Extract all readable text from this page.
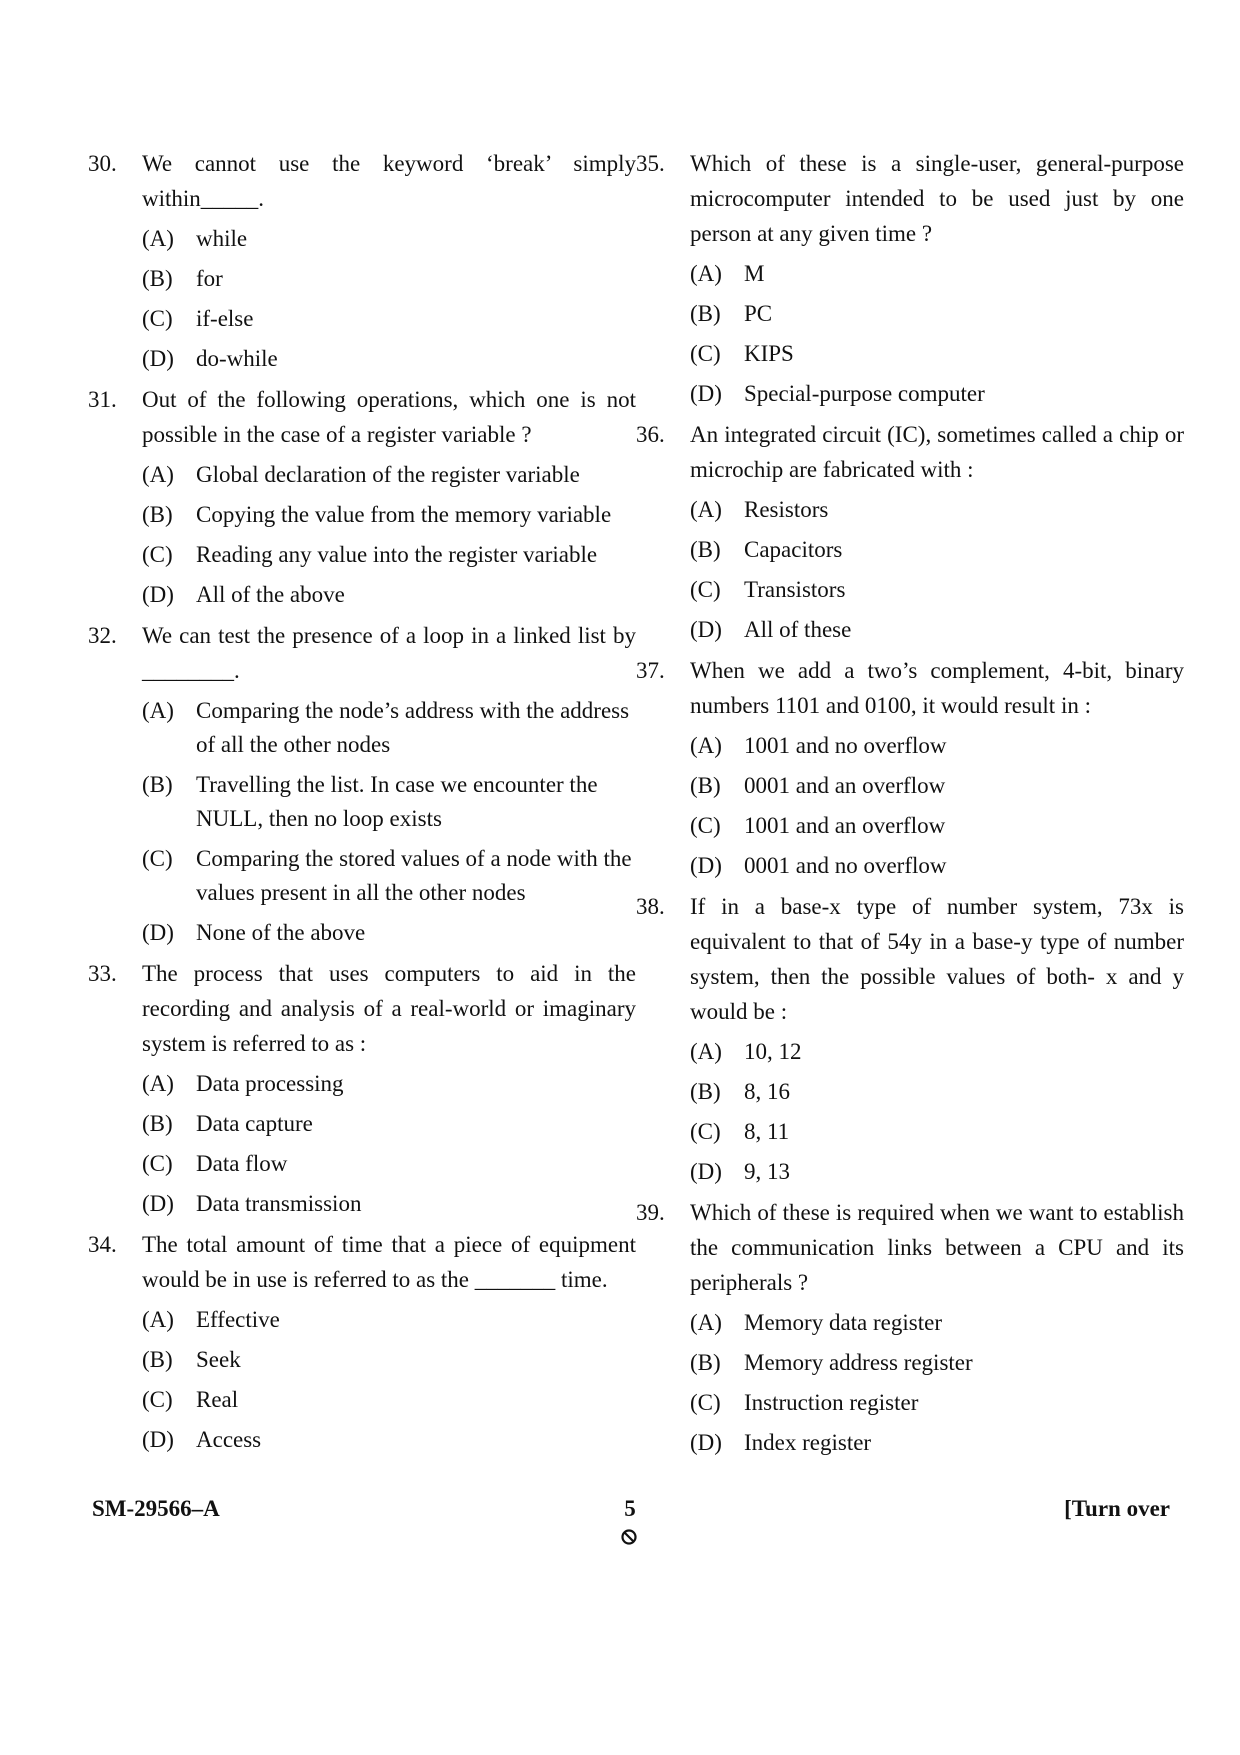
30.	We cannot use the keyword ‘break’ simply within_____.
(A) while
(B)	for
(C)	if-else
(D) do-while
31.	Out of the following operations, which one is not possible in the case of a register variable ?
(A) Global declaration of the register variable
(B)	Copying the value from the memory variable
(C)	Reading any value into the register variable
(D) All of the above
32.	We can test the presence of a loop in a linked list by ________.
(A) Comparing the node’s address with the address of all the other nodes
(B)	Travelling the list. In case we encounter the NULL, then no loop exists
(C)	Comparing the stored values of a node with the values present in all the other nodes
(D) None of the above
33.	The process that uses computers to aid in the recording and analysis of a real-world or imaginary system is referred to as :
(A) Data processing
(B)	Data capture
(C)	Data flow
(D) Data transmission
34.	The total amount of time that a piece of equipment would be in use is referred to as the _______ time.
(A) Effective
(B)	Seek
(C)	Real
(D) Access
35.	Which of these is a single-user, general-purpose microcomputer intended to be used just by one person at any given time ?
(A) M
(B)	PC
(C)	KIPS
(D) Special-purpose computer
36.	An integrated circuit (IC), sometimes called a chip or microchip are fabricated with :
(A) Resistors
(B)	Capacitors
(C)	Transistors
(D) All of these
37.	When we add a two’s complement, 4-bit, binary numbers 1101 and 0100, it would result in :
(A) 1001 and no overflow
(B)	0001 and an overflow
(C)	1001 and an overflow
(D) 0001 and no overflow
38.	If in a base-x type of number system, 73x is equivalent to that of 54y in a base-y type of number system, then the possible values of both- x and y would be :
(A) 10, 12
(B)	8, 16
(C)	8, 11
(D) 9, 13
39.	Which of these is required when we want to establish the communication links between a CPU and its peripherals ?
(A) Memory data register
(B)	Memory address register
(C)	Instruction register
(D) Index register
SM-29566–A	5	[Turn over
